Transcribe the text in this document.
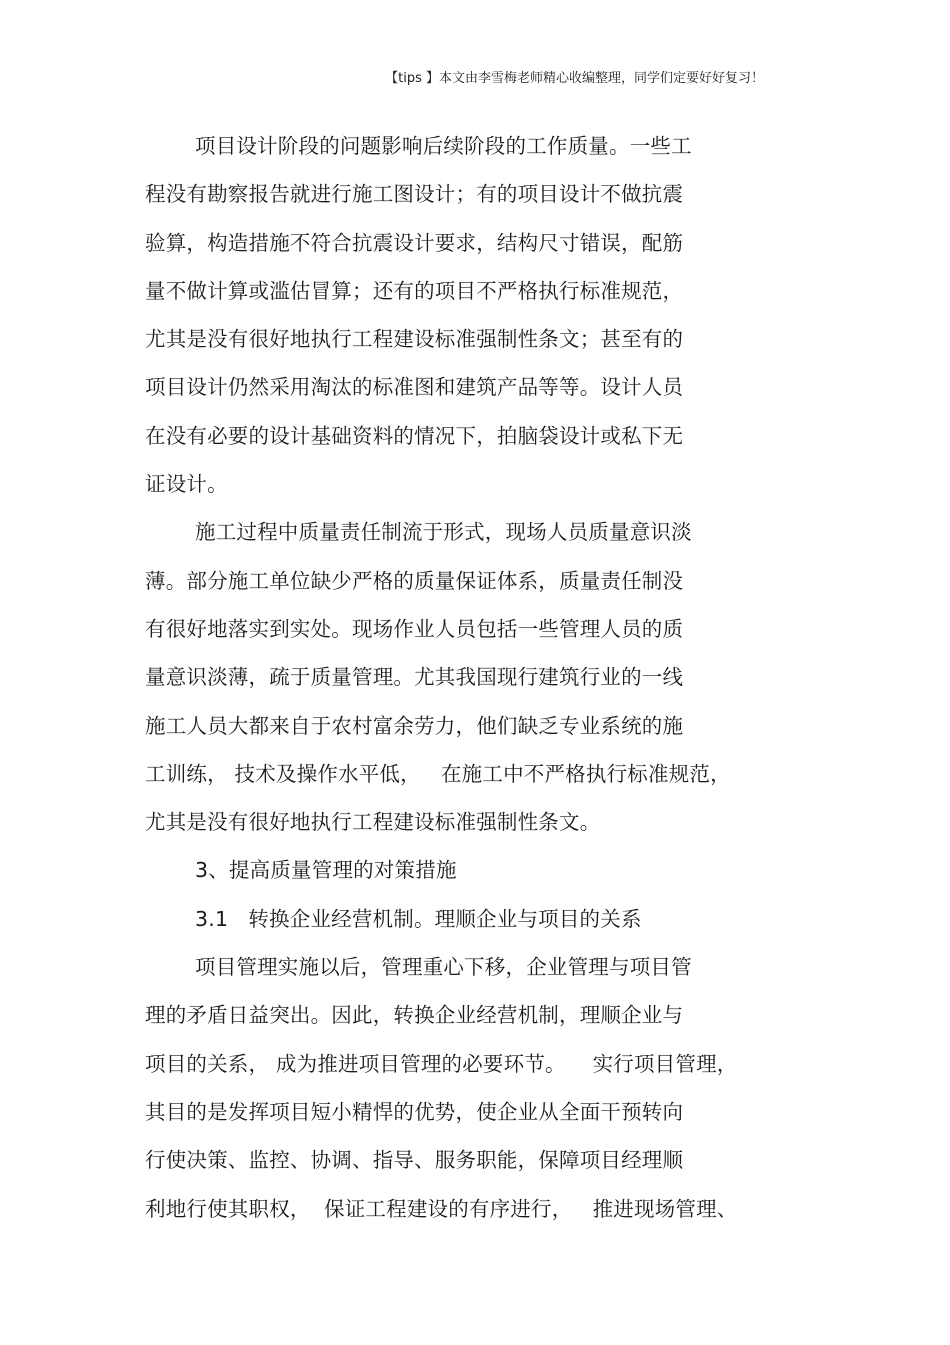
【tips 】本文由李雪梅老师精心收编整理，同学们定要好好复习！
项目设计阶段的问题影响后续阶段的工作质量。一些工
程没有勘察报告就进行施工图设计；有的项目设计不做抗震
验算，构造措施不符合抗震设计要求，结构尺寸错误，配筋
量不做计算或滥估冒算；还有的项目不严格执行标准规范，
尤其是没有很好地执行工程建设标准强制性条文；甚至有的
项目设计仍然采用淘汰的标准图和建筑产品等等。设计人员
在没有必要的设计基础资料的情况下，拍脑袋设计或私下无
证设计。
施工过程中质量责任制流于形式，现场人员质量意识淡
薄。部分施工单位缺少严格的质量保证体系，质量责任制没
有很好地落实到实处。现场作业人员包括一些管理人员的质
量意识淡薄，疏于质量管理。尤其我国现行建筑行业的一线
施工人员大都来自于农村富余劳力，他们缺乏专业系统的施
工训练， 技术及操作水平低，   在施工中不严格执行标准规范，
尤其是没有很好地执行工程建设标准强制性条文。
3、提高质量管理的对策措施
3.1   转换企业经营机制。理顺企业与项目的关系
项目管理实施以后，管理重心下移，企业管理与项目管
理的矛盾日益突出。因此，转换企业经营机制，理顺企业与
项目的关系， 成为推进项目管理的必要环节。    实行项目管理，
其目的是发挥项目短小精悍的优势，使企业从全面干预转向
行使决策、监控、协调、指导、服务职能，保障项目经理顺
利地行使其职权，  保证工程建设的有序进行，   推进现场管理、
